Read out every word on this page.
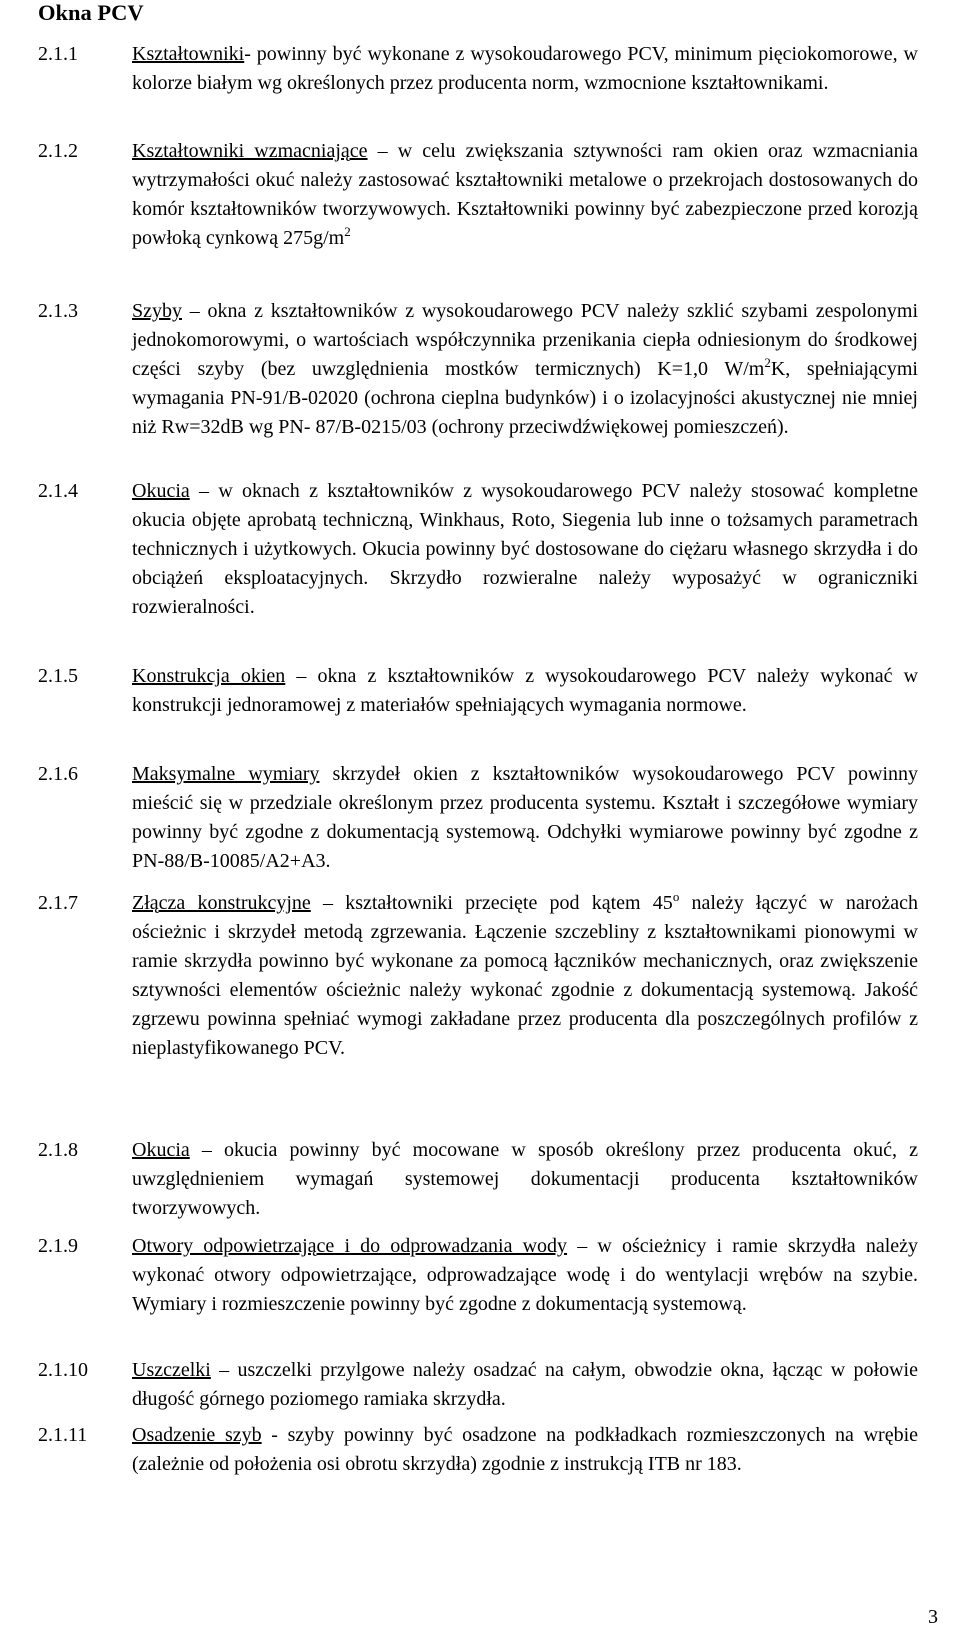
Okna PCV
2.1.1	Kształtowniki- powinny być wykonane z wysokoudarowego PCV, minimum pięciokomorowe, w kolorze białym wg określonych przez producenta norm, wzmocnione kształtownikami.
2.1.2	Kształtowniki wzmacniające – w celu zwiększania sztywności ram okien oraz wzmacniania wytrzymałości okuć należy zastosować kształtowniki metalowe o przekrojach dostosowanych do komór kształtowników tworzywowych. Kształtowniki powinny być zabezpieczone przed korozją powłoką cynkową $275g/m^2$
2.1.3	Szyby – okna z kształtowników z wysokoudarowego PCV należy szklić szybami zespolonymi jednokomorowymi, o wartościach współczynnika przenikania ciepła odniesionym do środkowej części szyby (bez uwzględnienia mostków termicznych) K=1,0 $W/m^2K$, spełniającymi wymagania PN-91/B-02020 (ochrona cieplna budynków) i o izolacyjności akustycznej nie mniej niż Rw=32dB wg PN- 87/B-0215/03 (ochrony przeciwdźwiękowej pomieszczeń).
2.1.4	Okucia – w oknach z kształtowników z wysokoudarowego PCV należy stosować kompletne okucia objęte aprobatą techniczną, Winkhaus, Roto, Siegenia lub inne o tożsamych parametrach technicznych i użytkowych. Okucia powinny być dostosowane do ciężaru własnego skrzydła i do obciążeń eksploatacyjnych. Skrzydło rozwieralne należy wyposażyć w ograniczniki rozwieralności.
2.1.5	Konstrukcja okien – okna z kształtowników z wysokoudarowego PCV należy wykonać w konstrukcji jednoramowej z materiałów spełniających wymagania normowe.
2.1.6	Maksymalne wymiary skrzydeł okien z kształtowników wysokoudarowego PCV powinny mieścić się w przedziale określonym przez producenta systemu. Kształt i szczegółowe wymiary powinny być zgodne z dokumentacją systemową. Odchyłki wymiarowe powinny być zgodne z PN-88/B-10085/A2+A3.
2.1.7	Złącza konstrukcyjne – kształtowniki przecięte pod kątem 45$^o$ należy łączyć w narożach ościeżnic i skrzydeł metodą zgrzewania. Łączenie szczebliny z kształtownikami pionowymi w ramie skrzydła powinno być wykonane za pomocą łączników mechanicznych, oraz zwiększenie sztywności elementów ościeżnic należy wykonać zgodnie z dokumentacją systemową. Jakość zgrzewu powinna spełniać wymogi zakładane przez producenta dla poszczególnych profilów z nieplastyfikowanego PCV.
2.1.8	Okucia – okucia powinny być mocowane w sposób określony przez producenta okuć, z uwzględnieniem wymagań systemowej dokumentacji producenta kształtowników tworzywowych.
2.1.9	Otwory odpowietrzające i do odprowadzania wody – w ościeżnicy i ramie skrzydła należy wykonać otwory odpowietrzające, odprowadzające wodę i do wentylacji wrębów na szybie. Wymiary i rozmieszczenie powinny być zgodne z dokumentacją systemową.
2.1.10 Uszczelki – uszczelki przylgowe należy osadzać na całym, obwodzie okna, łącząc w połowie długość górnego poziomego ramiaka skrzydła.
2.1.11 Osadzenie szyb - szyby powinny być osadzone na podkładkach rozmieszczonych na wrębie (zależnie od położenia osi obrotu skrzydła) zgodnie z instrukcją ITB nr 183.
3
